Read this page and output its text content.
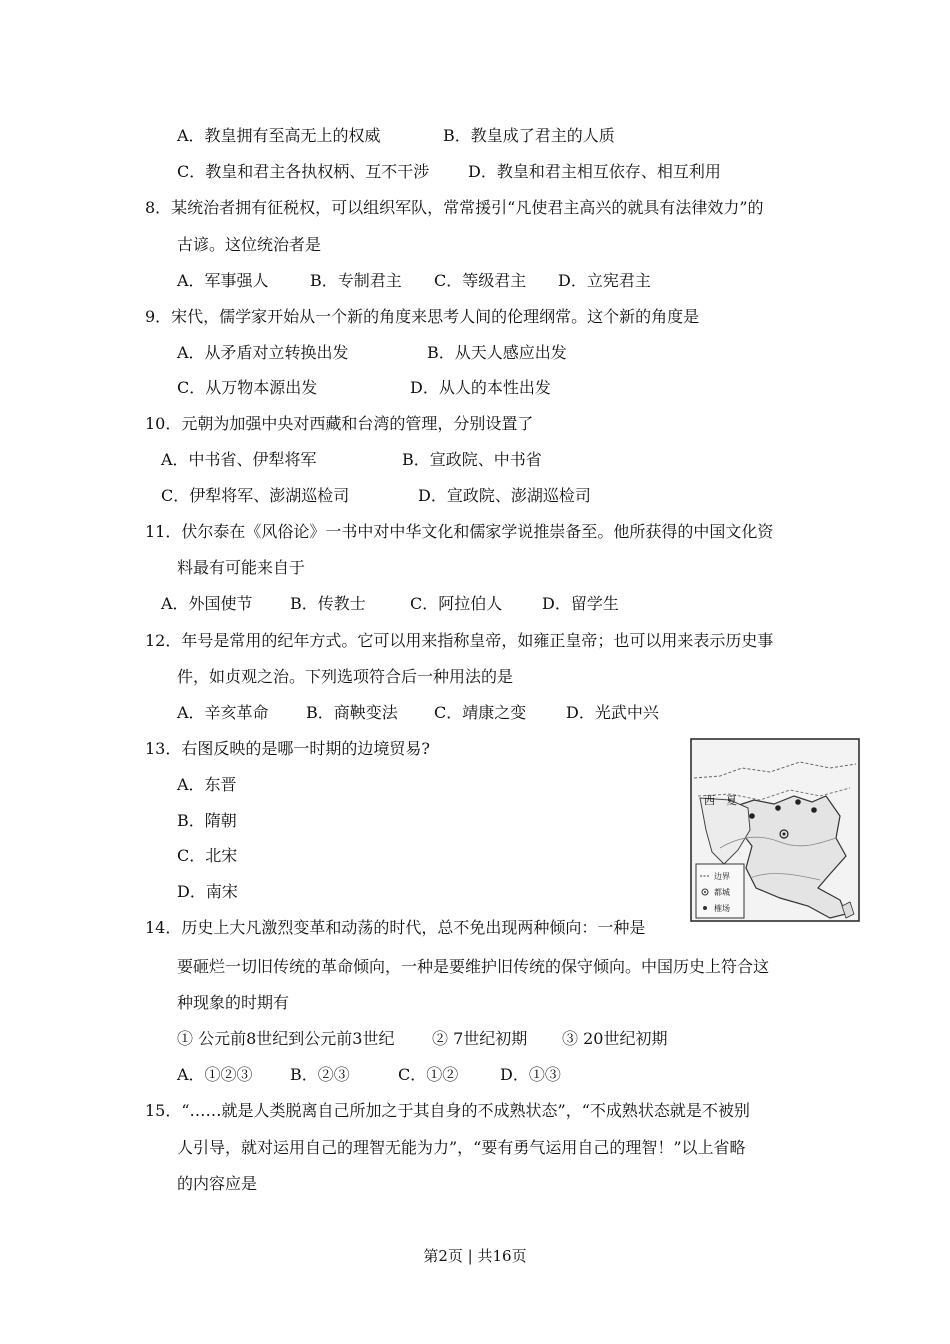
A．教皇拥有至高无上的权威	B．教皇成了君主的人质
C．教皇和君主各执权柄、互不干涉 D．教皇和君主相互依存、相互利用
8．某统治者拥有征税权，可以组织军队，常常援引“凡使君主高兴的就具有法律效力”的
古谚。这位统治者是
A．军事强人	B．专制君主 C．等级君主 D．立宪君主
9．宋代，儒学家开始从一个新的角度来思考人间的伦理纲常。这个新的角度是
A．从矛盾对立转换出发	B．从天人感应出发
C．从万物本源出发	D．从人的本性出发
10．元朝为加强中央对西藏和台湾的管理，分别设置了
A．中书省、伊犁将军	B．宣政院、中书省
C．伊犁将军、澎湖巡检司	D．宣政院、澎湖巡检司
11．伏尔泰在《风俗论》一书中对中华文化和儒家学说推崇备至。他所获得的中国文化资
料最有可能来自于
A．外国使节 B．传教士	C．阿拉伯人 D．留学生
12．年号是常用的纪年方式。它可以用来指称皇帝，如雍正皇帝；也可以用来表示历史事
件，如贞观之治。下列选项符合后一种用法的是
A．辛亥革命 B．商鞅变法 C．靖康之变 D．光武中兴
13．右图反映的是哪一时期的边境贸易?
A．东晋
B．隋朝
C．北宋
D．南宋
14．历史上大凡激烈变革和动荡的时代，总不免出现两种倾向：一种是
要砸烂一切旧传统的革命倾向，一种是要维护旧传统的保守倾向。中国历史上符合这
种现象的时期有
① 公元前8世纪到公元前3世纪 ② 7世纪初期 ③ 20世纪初期
A．①②③ B．②③	C．①②	D．①③
15．“……就是人类脱离自己所加之于其自身的不成熟状态”，“不成熟状态就是不被别
人引导，就对运用自己的理智无能为力”，“要有勇气运用自己的理智！”以上省略
的内容应是
西 夏
边界
都城
榷场
第2页 | 共16页
